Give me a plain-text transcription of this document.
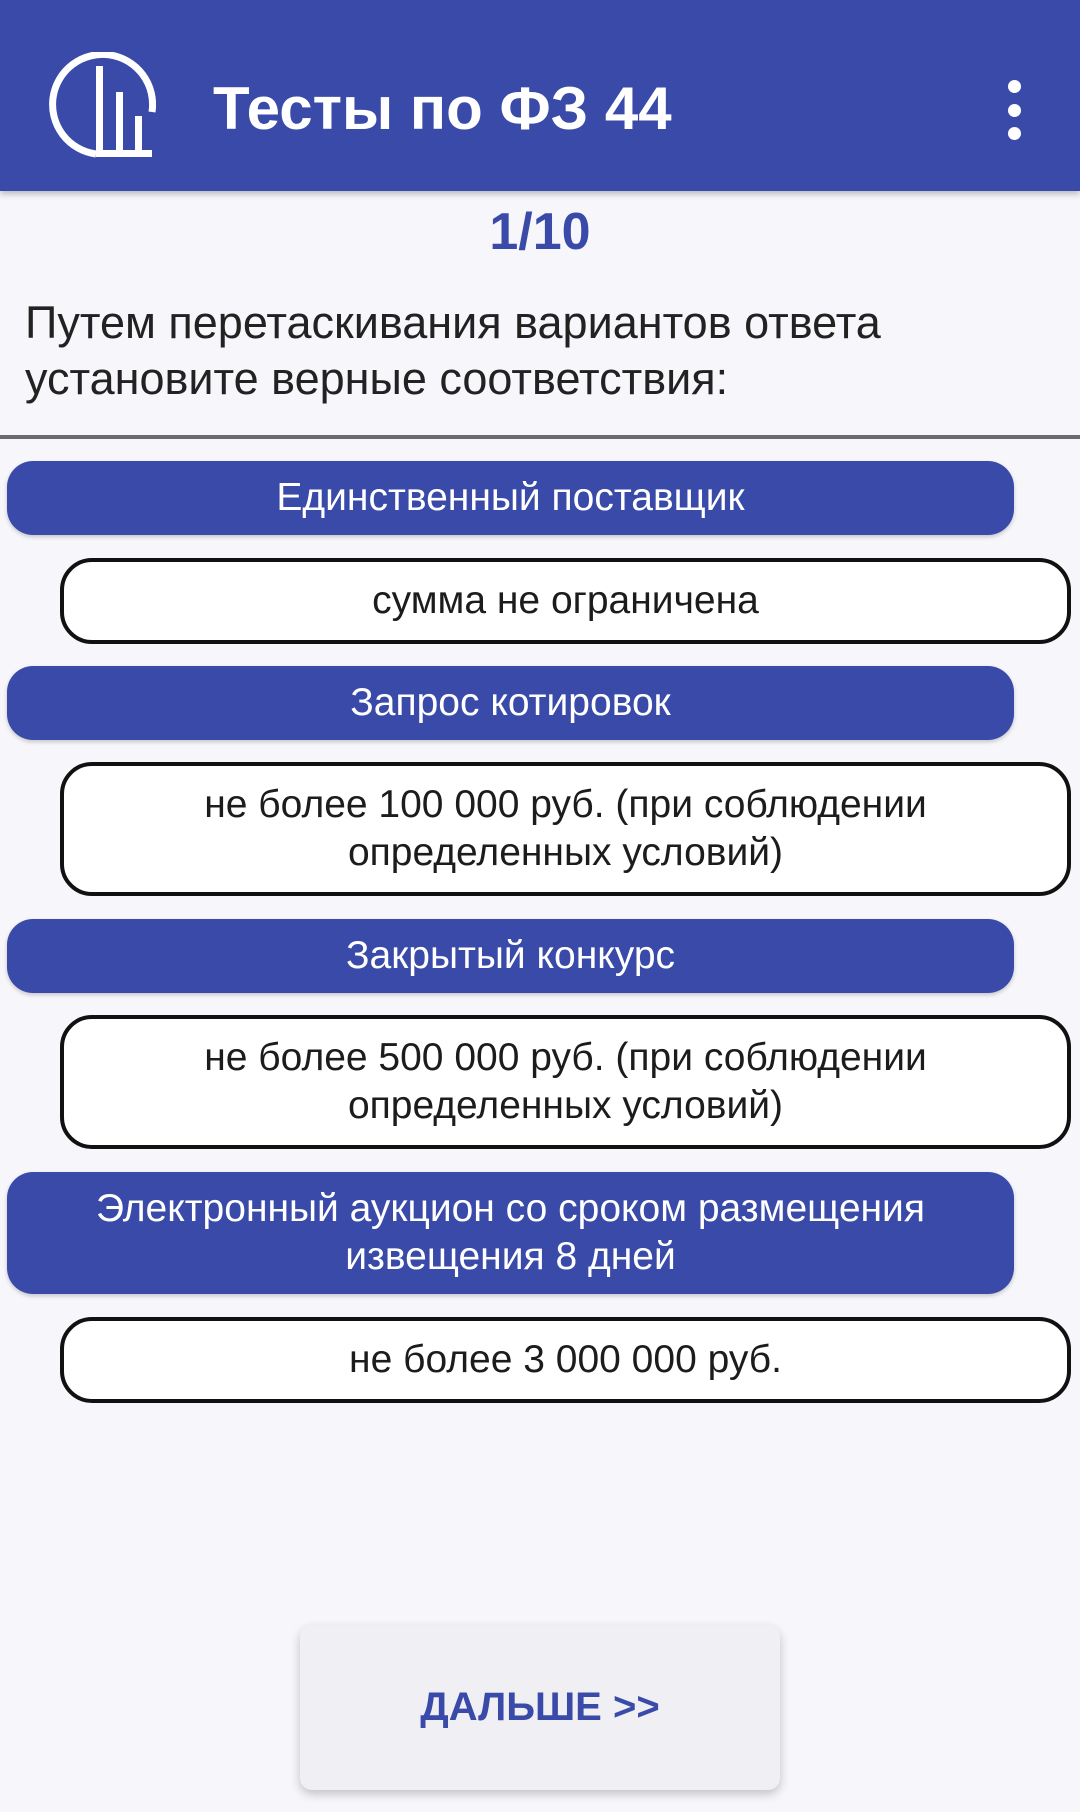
Тесты по ФЗ 44
1/10
Путем перетаскивания вариантов ответа установите верные соответствия:
Единственный поставщик
сумма не ограничена
Запрос котировок
не более 100 000 руб. (при соблюдении
определенных условий)
Закрытый конкурс
не более 500 000 руб. (при соблюдении
определенных условий)
Электронный аукцион со сроком размещения
извещения 8 дней
не более 3 000 000 руб.
ДАЛЬШЕ >>
